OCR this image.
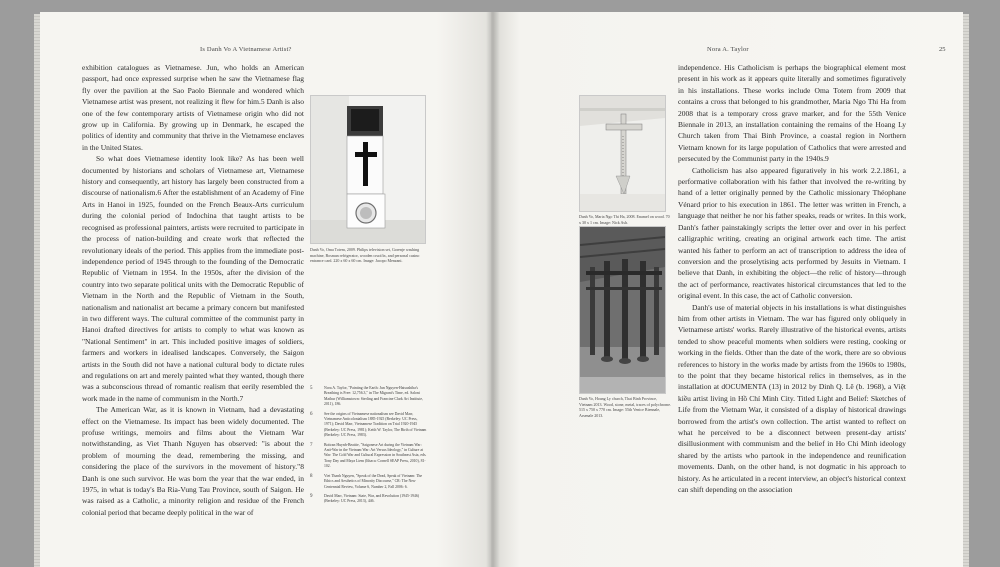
Is Danh Vo A Vietnamese Artist?

exhibition catalogues as Vietnamese. Jun, who holds an American passport, had once expressed surprise when he saw the Vietnamese flag fly over the pavilion at the Sao Paolo Biennale and wondered which Vietnamese artist was present, not realizing it flew for him.5 Danh is also one of the few contemporary artists of Vietnamese origin who did not grow up in California. By growing up in Denmark, he escaped the politics of identity and community that thrive in the Vietnamese enclaves in the United States.

So what does Vietnamese identity look like? As has been well documented by historians and scholars of Vietnamese art, Vietnamese history and consequently, art history has largely been constructed from a discourse of nationalism.6 After the establishment of an Academy of Fine Arts in Hanoi in 1925, founded on the French Beaux-Arts curriculum during the colonial period of Indochina that taught artists to be recognised as professional painters, artists were recruited to participate in the process of nation-building and create work that reflected the revolutionary ideals of the period. This applies from the immediate post-independence period of 1945 through to the founding of the Democratic Republic of Vietnam in 1954. In the 1950s, after the division of the country into two separate political units with the Democratic Republic of Vietnam in the North and the Republic of Vietnam in the South, nationalism and nationalist art became a primary concern but manifested in two different ways. The cultural committee of the communist party in Hanoi drafted directives for artists to comply to what was known as "National Sentiment" in art. This included positive images of soldiers, farmers and workers in idealised landscapes. Conversely, the Saigon artists in the South did not have a national cultural body to dictate rules and regulations on art and merely painted what they wanted, though there was a subconscious thread of romantic realism that eerily resembled the work made in the name of communism in the North.7

The American War, as it is known in Vietnam, had a devastating effect on the Vietnamese. Its impact has been widely documented. The profuse writings, memoirs and films about the Vietnam War notwithstanding, as Viet Thanh Nguyen has observed: "is about the problem of mourning the dead, remembering the missing, and considering the place of the survivors in the movement of history."8 Danh is one such survivor. He was born the year that the war ended, in 1975, in what is today's Ba Ria-Vung Tau Province, south of Saigon. He was raised as a Catholic, a minority religion and residue of the French colonial period that became deeply political in the war of

Danh Vo, Oma Totem, 2009. Philips television set, Gorenje washing machine, Bosman refrigerator, wooden crucifix, and personal casino entrance card. 220 x 60 x 60 cm. Image: Jacopo Menzani.
5	Nora A. Taylor, "Painting the Earth: Jun Nguyen-Hatsushiba's Breathing is Free: 12,756.3," in The Migrant's Time, ed. Saloni Mathur (Williamstown: Sterling and Francine Clark Art Institute, 2011), 186.
6	See the origins of Vietnamese nationalism see David Marr, Vietnamese Anticolonialism 1885-1925 (Berkeley: UC Press, 1971); David Marr, Vietnamese Tradition on Trial 1920-1945 (Berkeley: UC Press, 1981); Keith W. Taylor, The Birth of Vietnam (Berkeley: UC Press, 1983).
7	Boitran Huynh-Beattie, "Saigonese Art during the Vietnam War: Anti-War in the Vietnam War: Art Versus Ideology," in Culture at War: The Cold War and Cultural Expression in Southeast Asia, eds. Tony Day and Maya Liem (Ithaca: Cornell SEAP Press, 2010), 81-102.
8	Viet Thanh Nguyen, "Speak of the Dead, Speak of Vietnam: The Ethics and Aesthetics of Minority Discourse," CR: The New Centennial Review, Volume 6, Number 2, Fall 2006: 6.
9	David Marr, Vietnam: State, War, and Revolution (1945-1946) (Berkeley: UC Press, 2013), 446.
Nora A. Taylor	25
Danh Vo, Maria Ngo Thi Ha, 2008. Enamel on wood. 70 x 30 x 1 cm. Image: Nick Ash.
Danh Vo, Hoang Ly church, Thai Binh Province, Vietnam 2013. Wood, stone, metal, traces of polychrome. 515 x 750 x 770 cm. Image: 55th Venice Biennale, Arsenale 2013.

independence. His Catholicism is perhaps the biographical element most present in his work as it appears quite literally and sometimes figuratively in his installations. These works include Oma Totem from 2009 that contains a cross that belonged to his grandmother, Maria Ngo Thi Ha from 2008 that is a temporary cross grave marker, and for the 55th Venice Biennale in 2013, an installation containing the remains of the Hoang Ly Church taken from Thai Binh Province, a coastal region in Northern Vietnam known for its large population of Catholics that were arrested and persecuted by the Communist party in the 1940s.9

Catholicism has also appeared figuratively in his work 2.2.1861, a performative collaboration with his father that involved the re-writing by hand of a letter originally penned by the Catholic missionary Théophane Vénard prior to his execution in 1861. The letter was written in French, a language that neither he nor his father speaks, reads or writes. In this work, Danh's father painstakingly scripts the letter over and over in his perfect calligraphic writing, creating an original artwork each time. The artist wanted his father to perform an act of transcription to address the idea of conversion and the proselytising acts performed by Jesuits in Vietnam. I believe that Danh, in exhibiting the object—the relic of history—through the act of performance, reactivates historical circumstances that led to the original event. In this case, the act of Catholic conversion.

Danh's use of material objects in his installations is what distinguishes him from other artists in Vietnam. The war has figured only obliquely in Vietnamese artists' works. Rarely illustrative of the historical events, artists tended to show peaceful moments when soldiers were resting, cooking or working in the fields. Other than the date of the work, there are so obvious references to history in the works made by artists from the 1960s to 1980s, to the point that they became historical relics in themselves, as in the installation at dOCUMENTA (13) in 2012 by Dinh Q. Lê (b. 1968), a Việt kiều artist living in Hồ Chí Minh City. Titled Light and Belief: Sketches of Life from the Vietnam War, it consisted of a display of historical drawings borrowed from the artist's own collection. The artist wanted to reflect on what he perceived to be a disconnect between present-day artists' disillusionment with communism and the belief in Ho Chi Minh ideology shared by the artists who partook in the independence and reunification movements. Danh, on the other hand, is not dogmatic in his approach to history. As he articulated in a recent interview, an object's historical context can shift depending on the association
